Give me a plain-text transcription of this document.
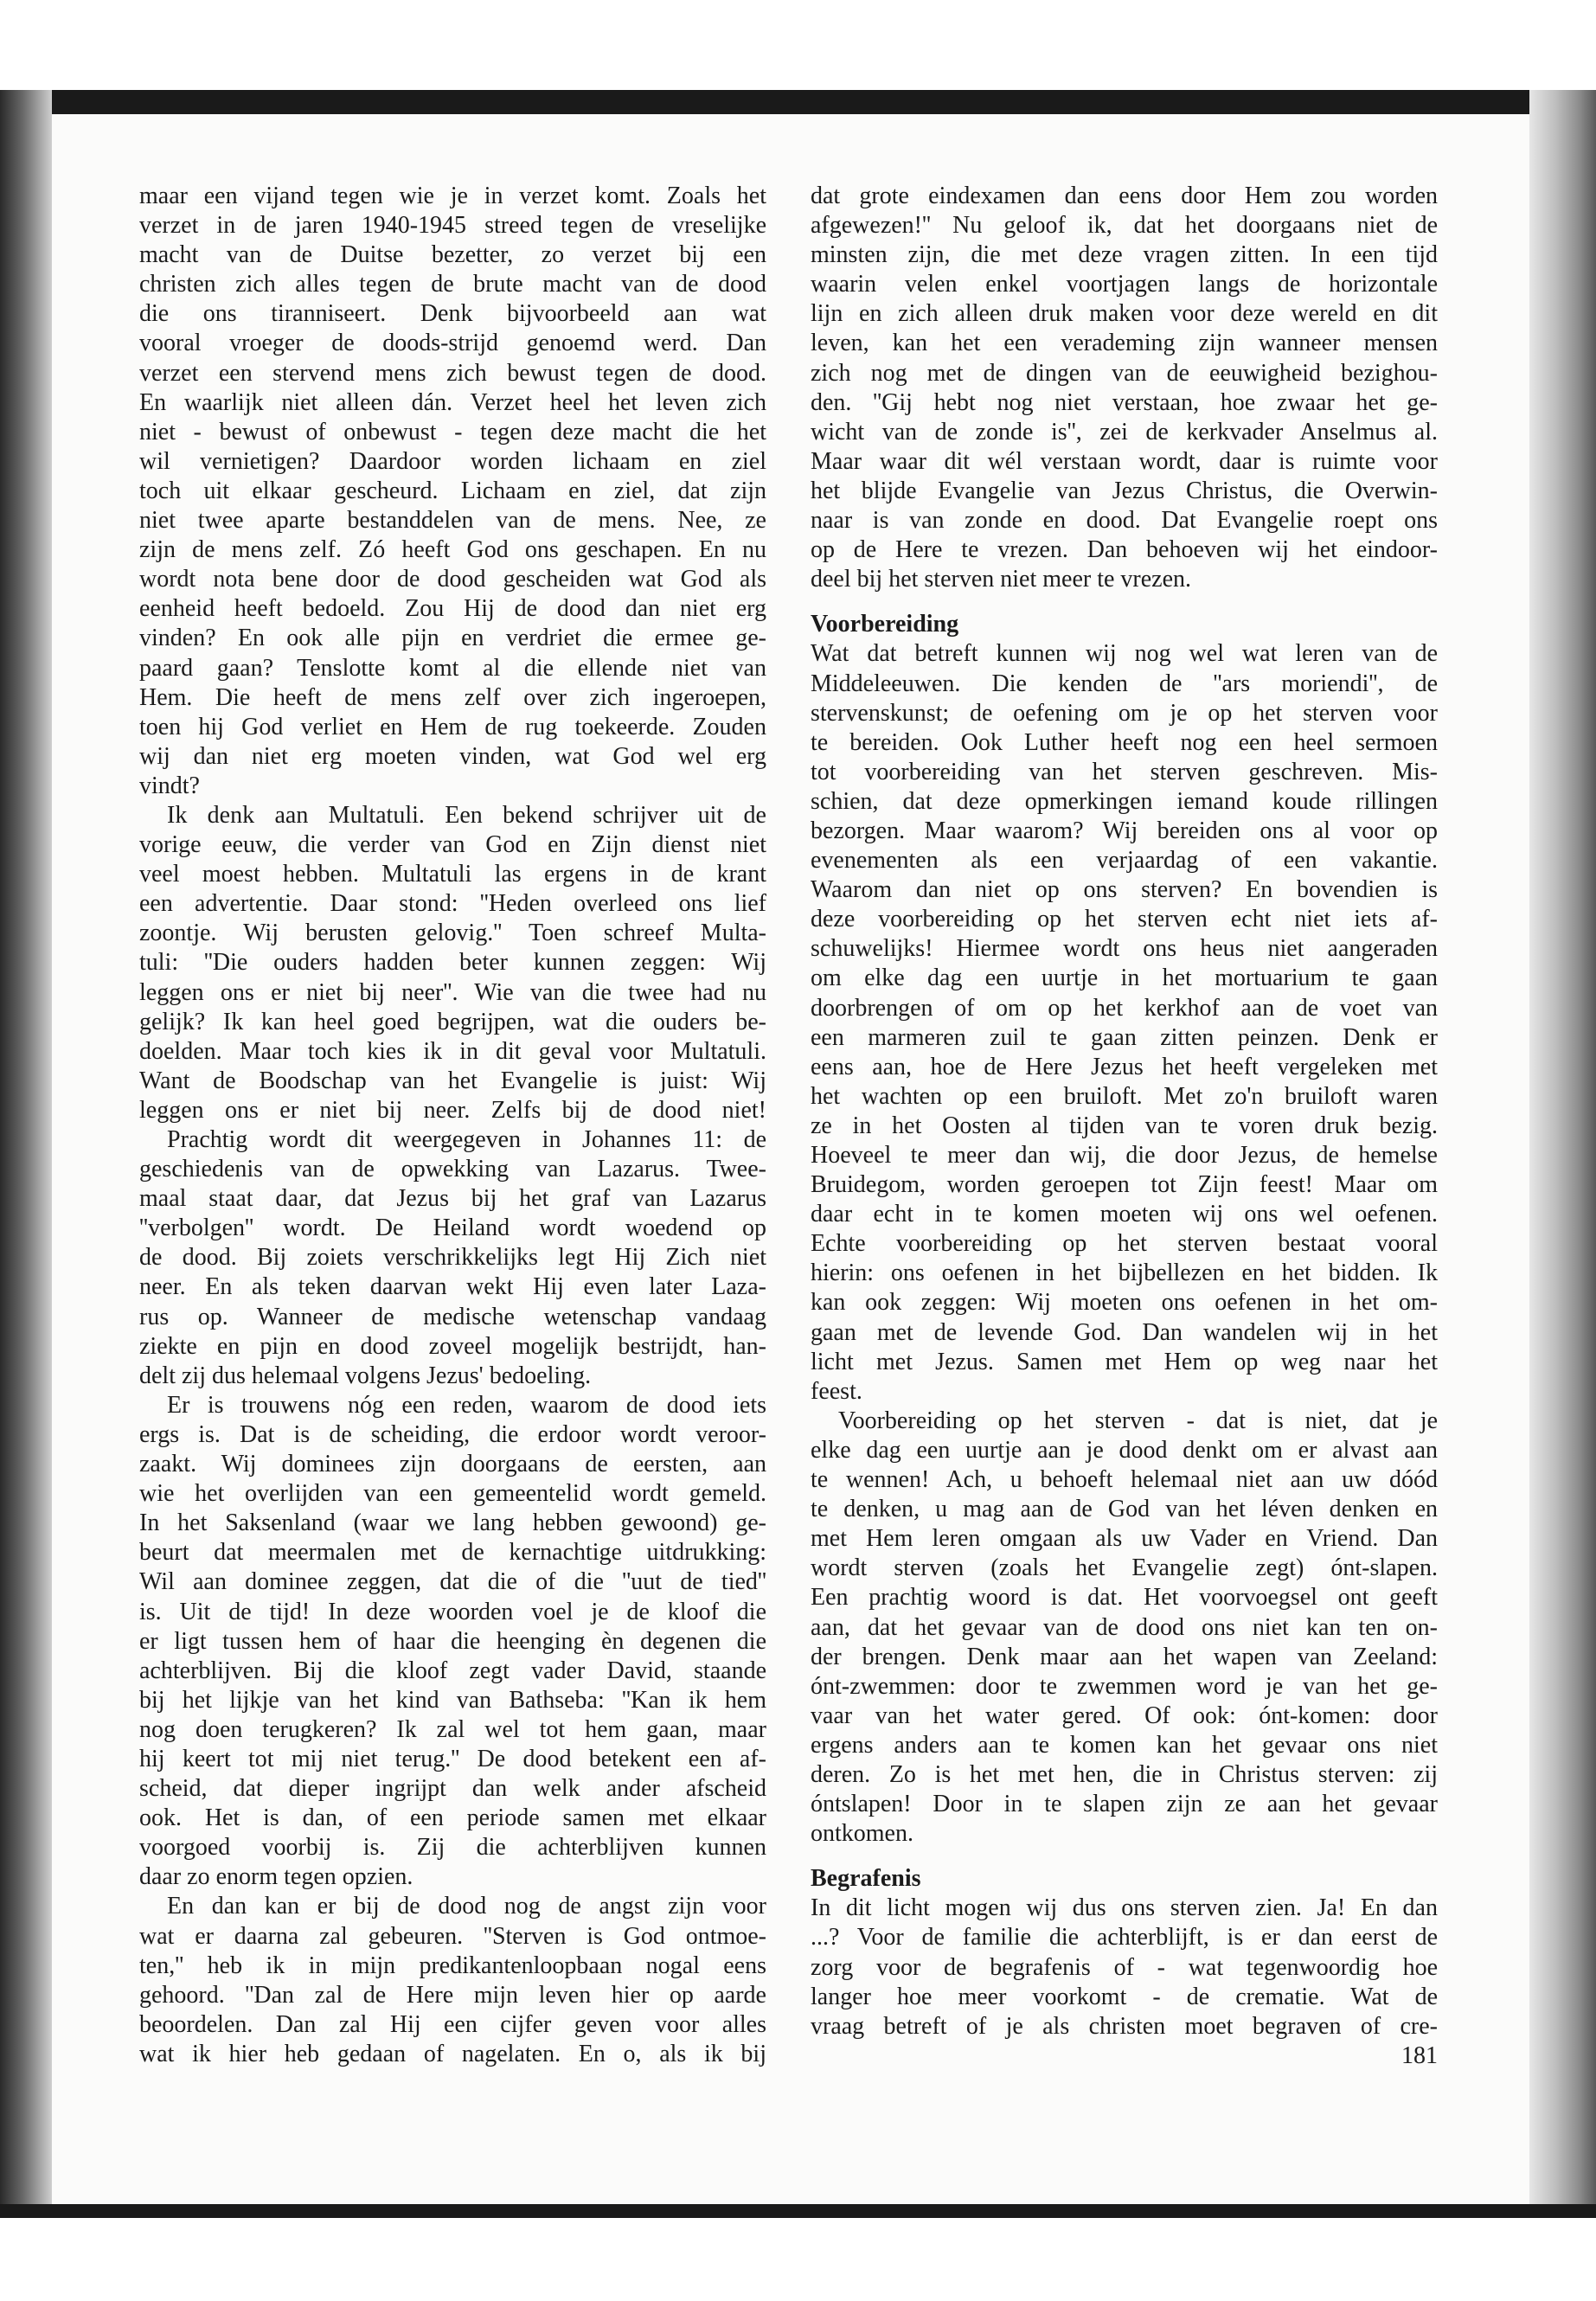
maar een vijand tegen wie je in verzet komt. Zoals het
verzet in de jaren 1940-1945 streed tegen de vreselijke
macht van de Duitse bezetter, zo verzet bij een
christen zich alles tegen de brute macht van de dood
die ons tiranniseert. Denk bijvoorbeeld aan wat
vooral vroeger de doods-strijd genoemd werd. Dan
verzet een stervend mens zich bewust tegen de dood.
En waarlijk niet alleen dán. Verzet heel het leven zich
niet - bewust of onbewust - tegen deze macht die het
wil vernietigen? Daardoor worden lichaam en ziel
toch uit elkaar gescheurd. Lichaam en ziel, dat zijn
niet twee aparte bestanddelen van de mens. Nee, ze
zijn de mens zelf. Zó heeft God ons geschapen. En nu
wordt nota bene door de dood gescheiden wat God als
eenheid heeft bedoeld. Zou Hij de dood dan niet erg
vinden? En ook alle pijn en verdriet die ermee ge-
paard gaan? Tenslotte komt al die ellende niet van
Hem. Die heeft de mens zelf over zich ingeroepen,
toen hij God verliet en Hem de rug toekeerde. Zouden
wij dan niet erg moeten vinden, wat God wel erg
vindt?
Ik denk aan Multatuli. Een bekend schrijver uit de
vorige eeuw, die verder van God en Zijn dienst niet
veel moest hebben. Multatuli las ergens in de krant
een advertentie. Daar stond: ''Heden overleed ons lief
zoontje. Wij berusten gelovig.'' Toen schreef Multa-
tuli: ''Die ouders hadden beter kunnen zeggen: Wij
leggen ons er niet bij neer''. Wie van die twee had nu
gelijk? Ik kan heel goed begrijpen, wat die ouders be-
doelden. Maar toch kies ik in dit geval voor Multatuli.
Want de Boodschap van het Evangelie is juist: Wij
leggen ons er niet bij neer. Zelfs bij de dood niet!
Prachtig wordt dit weergegeven in Johannes 11: de
geschiedenis van de opwekking van Lazarus. Twee-
maal staat daar, dat Jezus bij het graf van Lazarus
''verbolgen'' wordt. De Heiland wordt woedend op
de dood. Bij zoiets verschrikkelijks legt Hij Zich niet
neer. En als teken daarvan wekt Hij even later Laza-
rus op. Wanneer de medische wetenschap vandaag
ziekte en pijn en dood zoveel mogelijk bestrijdt, han-
delt zij dus helemaal volgens Jezus' bedoeling.
Er is trouwens nóg een reden, waarom de dood iets
ergs is. Dat is de scheiding, die erdoor wordt veroor-
zaakt. Wij dominees zijn doorgaans de eersten, aan
wie het overlijden van een gemeentelid wordt gemeld.
In het Saksenland (waar we lang hebben gewoond) ge-
beurt dat meermalen met de kernachtige uitdrukking:
Wil aan dominee zeggen, dat die of die ''uut de tied''
is. Uit de tijd! In deze woorden voel je de kloof die
er ligt tussen hem of haar die heenging èn degenen die
achterblijven. Bij die kloof zegt vader David, staande
bij het lijkje van het kind van Bathseba: ''Kan ik hem
nog doen terugkeren? Ik zal wel tot hem gaan, maar
hij keert tot mij niet terug.'' De dood betekent een af-
scheid, dat dieper ingrijpt dan welk ander afscheid
ook. Het is dan, of een periode samen met elkaar
voorgoed voorbij is. Zij die achterblijven kunnen
daar zo enorm tegen opzien.
En dan kan er bij de dood nog de angst zijn voor
wat er daarna zal gebeuren. ''Sterven is God ontmoe-
ten,'' heb ik in mijn predikantenloopbaan nogal eens
gehoord. ''Dan zal de Here mijn leven hier op aarde
beoordelen. Dan zal Hij een cijfer geven voor alles
wat ik hier heb gedaan of nagelaten. En o, als ik bij
dat grote eindexamen dan eens door Hem zou worden
afgewezen!'' Nu geloof ik, dat het doorgaans niet de
minsten zijn, die met deze vragen zitten. In een tijd
waarin velen enkel voortjagen langs de horizontale
lijn en zich alleen druk maken voor deze wereld en dit
leven, kan het een verademing zijn wanneer mensen
zich nog met de dingen van de eeuwigheid bezighou-
den. ''Gij hebt nog niet verstaan, hoe zwaar het ge-
wicht van de zonde is'', zei de kerkvader Anselmus al.
Maar waar dit wél verstaan wordt, daar is ruimte voor
het blijde Evangelie van Jezus Christus, die Overwin-
naar is van zonde en dood. Dat Evangelie roept ons
op de Here te vrezen. Dan behoeven wij het eindoor-
deel bij het sterven niet meer te vrezen.
Voorbereiding
Wat dat betreft kunnen wij nog wel wat leren van de
Middeleeuwen. Die kenden de ''ars moriendi'', de
stervenskunst; de oefening om je op het sterven voor
te bereiden. Ook Luther heeft nog een heel sermoen
tot voorbereiding van het sterven geschreven. Mis-
schien, dat deze opmerkingen iemand koude rillingen
bezorgen. Maar waarom? Wij bereiden ons al voor op
evenementen als een verjaardag of een vakantie.
Waarom dan niet op ons sterven? En bovendien is
deze voorbereiding op het sterven echt niet iets af-
schuwelijks! Hiermee wordt ons heus niet aangeraden
om elke dag een uurtje in het mortuarium te gaan
doorbrengen of om op het kerkhof aan de voet van
een marmeren zuil te gaan zitten peinzen. Denk er
eens aan, hoe de Here Jezus het heeft vergeleken met
het wachten op een bruiloft. Met zo'n bruiloft waren
ze in het Oosten al tijden van te voren druk bezig.
Hoeveel te meer dan wij, die door Jezus, de hemelse
Bruidegom, worden geroepen tot Zijn feest! Maar om
daar echt in te komen moeten wij ons wel oefenen.
Echte voorbereiding op het sterven bestaat vooral
hierin: ons oefenen in het bijbellezen en het bidden. Ik
kan ook zeggen: Wij moeten ons oefenen in het om-
gaan met de levende God. Dan wandelen wij in het
licht met Jezus. Samen met Hem op weg naar het
feest.
Voorbereiding op het sterven - dat is niet, dat je
elke dag een uurtje aan je dood denkt om er alvast aan
te wennen! Ach, u behoeft helemaal niet aan uw dóód
te denken, u mag aan de God van het léven denken en
met Hem leren omgaan als uw Vader en Vriend. Dan
wordt sterven (zoals het Evangelie zegt) ónt-slapen.
Een prachtig woord is dat. Het voorvoegsel ont geeft
aan, dat het gevaar van de dood ons niet kan ten on-
der brengen. Denk maar aan het wapen van Zeeland:
ónt-zwemmen: door te zwemmen word je van het ge-
vaar van het water gered. Of ook: ónt-komen: door
ergens anders aan te komen kan het gevaar ons niet
deren. Zo is het met hen, die in Christus sterven: zij
óntslapen! Door in te slapen zijn ze aan het gevaar
ontkomen.
Begrafenis
In dit licht mogen wij dus ons sterven zien. Ja! En dan
...? Voor de familie die achterblijft, is er dan eerst de
zorg voor de begrafenis of - wat tegenwoordig hoe
langer hoe meer voorkomt - de crematie. Wat de
vraag betreft of je als christen moet begraven of cre-
181
